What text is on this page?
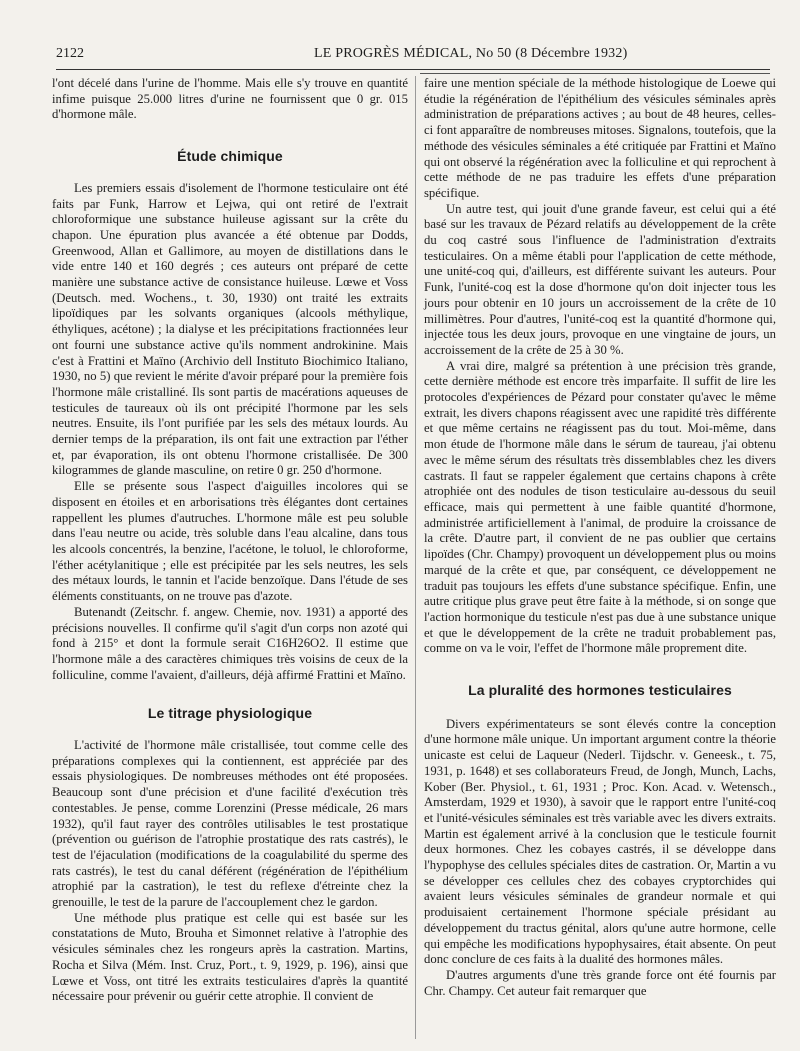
2122	LE PROGRÈS MÉDICAL, No 50 (8 Décembre 1932)

l'ont décelé dans l'urine de l'homme. Mais elle s'y trouve en quantité infime puisque 25.000 litres d'urine ne fournissent que 0 gr. 015 d'hormone mâle.

Étude chimique

Les premiers essais d'isolement de l'hormone testiculaire ont été faits par Funk, Harrow et Lejwa, qui ont retiré de l'extrait chloroformique une substance huileuse agissant sur la crête du chapon. Une épuration plus avancée a été obtenue par Dodds, Greenwood, Allan et Gallimore, au moyen de distillations dans le vide entre 140 et 160 degrés ; ces auteurs ont préparé de cette manière une substance active de consistance huileuse. Lœwe et Voss (Deutsch. med. Wochens., t. 30, 1930) ont traité les extraits lipoïdiques par les solvants organiques (alcools méthylique, éthyliques, acétone) ; la dialyse et les précipitations fractionnées leur ont fourni une substance active qu'ils nomment androkinine. Mais c'est à Frattini et Maïno (Archivio dell Instituto Biochimico Italiano, 1930, no 5) que revient le mérite d'avoir préparé pour la première fois l'hormone mâle cristalliné. Ils sont partis de macérations aqueuses de testicules de taureaux où ils ont précipité l'hormone par les sels neutres. Ensuite, ils l'ont purifiée par les sels des métaux lourds. Au dernier temps de la préparation, ils ont fait une extraction par l'éther et, par évaporation, ils ont obtenu l'hormone cristallisée. De 300 kilogrammes de glande masculine, on retire 0 gr. 250 d'hormone.

Elle se présente sous l'aspect d'aiguilles incolores qui se disposent en étoiles et en arborisations très élégantes dont certaines rappellent les plumes d'autruches. L'hormone mâle est peu soluble dans l'eau neutre ou acide, très soluble dans l'eau alcaline, dans tous les alcools concentrés, la benzine, l'acétone, le toluol, le chloroforme, l'éther acétylanitique ; elle est précipitée par les sels neutres, les sels des métaux lourds, le tannin et l'acide benzoïque. Dans l'étude de ses éléments constituants, on ne trouve pas d'azote.

Butenandt (Zeitschr. f. angew. Chemie, nov. 1931) a apporté des précisions nouvelles. Il confirme qu'il s'agit d'un corps non azoté qui fond à 215° et dont la formule serait C16H26O2. Il estime que l'hormone mâle a des caractères chimiques très voisins de ceux de la folliculine, comme l'avaient, d'ailleurs, déjà affirmé Frattini et Maïno.

Le titrage physiologique

L'activité de l'hormone mâle cristallisée, tout comme celle des préparations complexes qui la contiennent, est appréciée par des essais physiologiques. De nombreuses méthodes ont été proposées. Beaucoup sont d'une précision et d'une facilité d'exécution très contestables. Je pense, comme Lorenzini (Presse médicale, 26 mars 1932), qu'il faut rayer des contrôles utilisables le test prostatique (prévention ou guérison de l'atrophie prostatique des rats castrés), le test de l'éjaculation (modifications de la coagulabilité du sperme des rats castrés), le test du canal déférent (régénération de l'épithélium atrophié par la castration), le test du reflexe d'étreinte chez la grenouille, le test de la parure de l'accouplement chez le gardon.

Une méthode plus pratique est celle qui est basée sur les constatations de Muto, Brouha et Simonnet relative à l'atrophie des vésicules séminales chez les rongeurs après la castration. Martins, Rocha et Silva (Mém. Inst. Cruz, Port., t. 9, 1929, p. 196), ainsi que Lœwe et Voss, ont titré les extraits testiculaires d'après la quantité nécessaire pour prévenir ou guérir cette atrophie. Il convient de

faire une mention spéciale de la méthode histologique de Loewe qui étudie la régénération de l'épithélium des vésicules séminales après administration de préparations actives ; au bout de 48 heures, celles-ci font apparaître de nombreuses mitoses. Signalons, toutefois, que la méthode des vésicules séminales a été critiquée par Frattini et Maïno qui ont observé la régénération avec la folliculine et qui reprochent à cette méthode de ne pas traduire les effets d'une préparation spécifique.

Un autre test, qui jouit d'une grande faveur, est celui qui a été basé sur les travaux de Pézard relatifs au développement de la crête du coq castré sous l'influence de l'administration d'extraits testiculaires. On a même établi pour l'application de cette méthode, une unité-coq qui, d'ailleurs, est différente suivant les auteurs. Pour Funk, l'unité-coq est la dose d'hormone qu'on doit injecter tous les jours pour obtenir en 10 jours un accroissement de la crête de 10 millimètres. Pour d'autres, l'unité-coq est la quantité d'hormone qui, injectée tous les deux jours, provoque en une vingtaine de jours, un accroissement de la crête de 25 à 30 %.

A vrai dire, malgré sa prétention à une précision très grande, cette dernière méthode est encore très imparfaite. Il suffit de lire les protocoles d'expériences de Pézard pour constater qu'avec le même extrait, les divers chapons réagissent avec une rapidité très différente et que même certains ne réagissent pas du tout. Moi-même, dans mon étude de l'hormone mâle dans le sérum de taureau, j'ai obtenu avec le même sérum des résultats très dissemblables chez les divers castrats. Il faut se rappeler également que certains chapons à crête atrophiée ont des nodules de tison testiculaire au-dessous du seuil efficace, mais qui permettent à une faible quantité d'hormone, administrée artificiellement à l'animal, de produire la croissance de la crête. D'autre part, il convient de ne pas oublier que certains lipoïdes (Chr. Champy) provoquent un développement plus ou moins marqué de la crête et que, par conséquent, ce développement ne traduit pas toujours les effets d'une substance spécifique. Enfin, une autre critique plus grave peut être faite à la méthode, si on songe que l'action hormonique du testicule n'est pas due à une substance unique et que le développement de la crête ne traduit probablement pas, comme on va le voir, l'effet de l'hormone mâle proprement dite.

La pluralité des hormones testiculaires

Divers expérimentateurs se sont élevés contre la conception d'une hormone mâle unique. Un important argument contre la théorie unicaste est celui de Laqueur (Nederl. Tijdschr. v. Geneesk., t. 75, 1931, p. 1648) et ses collaborateurs Freud, de Jongh, Munch, Lachs, Kober (Ber. Physiol., t. 61, 1931 ; Proc. Kon. Acad. v. Wetensch., Amsterdam, 1929 et 1930), à savoir que le rapport entre l'unité-coq et l'unité-vésicules séminales est très variable avec les divers extraits. Martin est également arrivé à la conclusion que le testicule fournit deux hormones. Chez les cobayes castrés, il se développe dans l'hypophyse des cellules spéciales dites de castration. Or, Martin a vu se développer ces cellules chez des cobayes cryptorchides qui avaient leurs vésicules séminales de grandeur normale et qui produisaient certainement l'hormone spéciale présidant au développement du tractus génital, alors qu'une autre hormone, celle qui empêche les modifications hypophysaires, était absente. On peut donc conclure de ces faits à la dualité des hormones mâles.

D'autres arguments d'une très grande force ont été fournis par Chr. Champy. Cet auteur fait remarquer que
